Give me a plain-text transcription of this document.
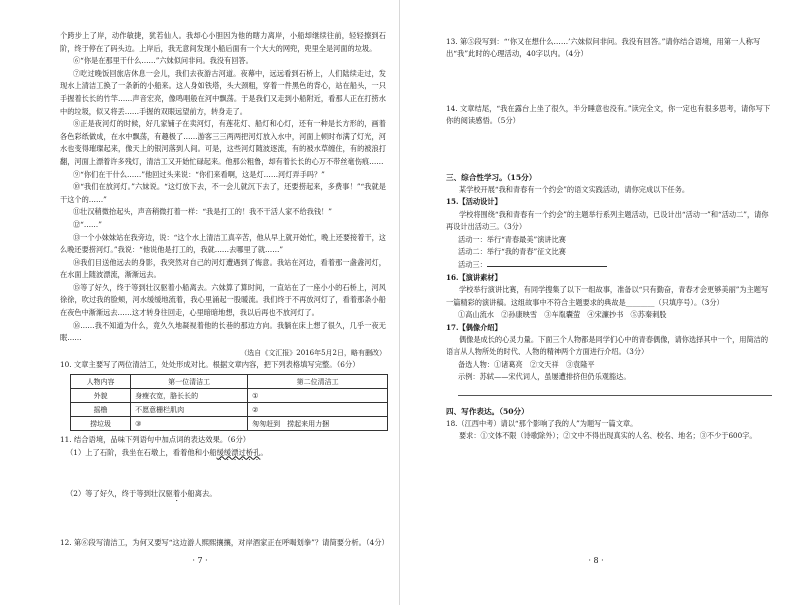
个跨步上了岸，动作敏捷，犹若仙人。我却心小胆因为他的瞎力离岸，小船却继续往前，轻轻擦到石阶，终于停在了码头边。上岸后，我无意间发现小船后面有一个大大的网兜，兜里全是河面的垃圾。

⑥“你是在那里干什么……”六妹似问非问。我没有回答。

⑦吃过晚饭回旅店休息一会儿，我们去夜游古河道。夜幕中，远远看到石桥上，人们陆续走过，发现水上清洁工换了一条新的小船来。这人身如铁塔，头大颈粗，穿着一件黑色的背心，站在船头，一只手握着长长的竹竿……声音宏亮，像鸣唱般在河中飘荡。于是我们又走到小船附近，看那人正在打捞水中的垃圾，似又将丢……手握的双眼远望前方，转身走了。

⑧正是夜河灯的时候，好几家铺子在卖河灯，有莲花灯、船灯和心灯，还有一种是长方形的，画着各色彩纸做成，在水中飘荡，有趣极了……游客三三两两把河灯放入水中，河面上顿时布满了灯光，河水也变得璀璨起来，像天上的银河落到人间。可是，这些河灯随波逐流，有的被水草缠住，有的被浪打翻，河面上漂着许多残灯，清洁工又开始忙碌起来。他那公粗鲁，却有着长长的心万不带丝毫伤痕……

⑨“你们在干什么……”他回过头来说：“你们来看啊，这是灯……河灯弄手吗？”

⑩“我们在放河灯。”六妹说。“这灯放下去，不一会儿就沉下去了，还要捞起来，多费事！”“我就是干这个的……”

⑪壮汉稍微抬起头，声音稍微打着一样：“我是打工的！我不干活人家不给我钱！”

⑫“……”

⑬一个小妹妹站在我旁边，说：“这个水上清洁工真辛苦，他从早上就开始忙，晚上还要接着干，这么晚还要捞河灯。”我说：“他说他是打工的，我就……去哪里了就……”

⑭我们目送他远去的身影，我突然对自己的河灯遭遇到了悔意。我站在河边，看着那一盏盏河灯，在水面上随波漂流，渐渐远去。

⑮等了好久，终于等到壮汉驱着小船离去。六妹算了算时间，一直站在了一座小小的石桥上，河风徐徐，吹过我的脸颊，河水缓缓地流着，我心里涌起一股暖流。我们终于不再放河灯了，看着那条小船在夜色中渐渐远去……这才转身往回走，心里暗暗地想，我以后再也不放河灯了。

⑯……我不知道为什么，竟久久地凝视着他的长巷的那边方向。我躺在床上想了很久，几乎一夜无眠……

（选自《文汇报》2016年5月2日，略有删改）
10. 文章主要写了两位清洁工，处处形成对比。根据文章内容，把下列表格填写完整。（6分）
人物内容	第一位清洁工	第二位清洁工
外貌	身瘦衣宽，胳长长的	①
摇橹	不愿意栅栏肌肉	②
捞垃圾	③	匆匆赶到　捞起来用力捆
11. 结合语境，品味下列语句中加点词的表达效果。（6分）
（1）上了石阶，我坐在石墩上，看着他和小船缓缓漂过桥孔。
（2）等了好久，终于等到壮汉驱着小船离去。
12. 第⑥段写清洁工，为何又要写“这边游人熙熙攘攘，对岸酒家正在呼喝划拳”？请简要分析。（4分）
· 7 ·
13. 第⑤段写到：“‘你又在想什么……’六妹似问非问。我没有回答。”请你结合语境，用第一人称写出“我”此时的心理活动，40字以内。（4分）
14. 文章结尾，“我在露台上坐了很久，半分睡意也没有。”读完全文，你一定也有很多思考，请你写下你的阅读感悟。（5分）
三、综合性学习。（15分）
某学校开展“我和青春有一个约会”的语文实践活动，请你完成以下任务。
15.【活动设计】
学校将围绕“我和青春有一个约会”的主题举行系列主题活动，已设计出“活动一”和“活动二”，请你再设计出活动三。（3分）
活动一：举行“青春最美”演讲比赛
活动二：举行“我的青春”征文比赛
活动三：
16.【演讲素材】
学校举行演讲比赛，有同学搜集了以下一组故事，准备以“只有勤奋，青春才会更够美丽”为主题写一篇精彩的演讲稿。这组故事中不符合主题要求的典故是________（只填序号）。（3分）
①高山流水　②孙康映雪　③车胤囊萤　④宋濂抄书　⑤苏秦刺股
17.【偶像介绍】
偶像是成长的心灵力量。下面三个人物都是同学们心中的青春偶像，请你选择其中一个，用简洁的语言从人物所处的时代、人物的精神两个方面进行介绍。（3分）
备选人物：①诸葛亮　②文天祥　③袁隆平
示例：苏轼——宋代词人，虽屡遭排挤但仍乐观豁达。
四、写作表达。（50分）
18.（江西中考）请以“那个影响了我的人”为题写一篇文章。
要求：①文体不限（诗歌除外）；②文中不得出现真实的人名、校名、地名；③不少于600字。
· 8 ·
